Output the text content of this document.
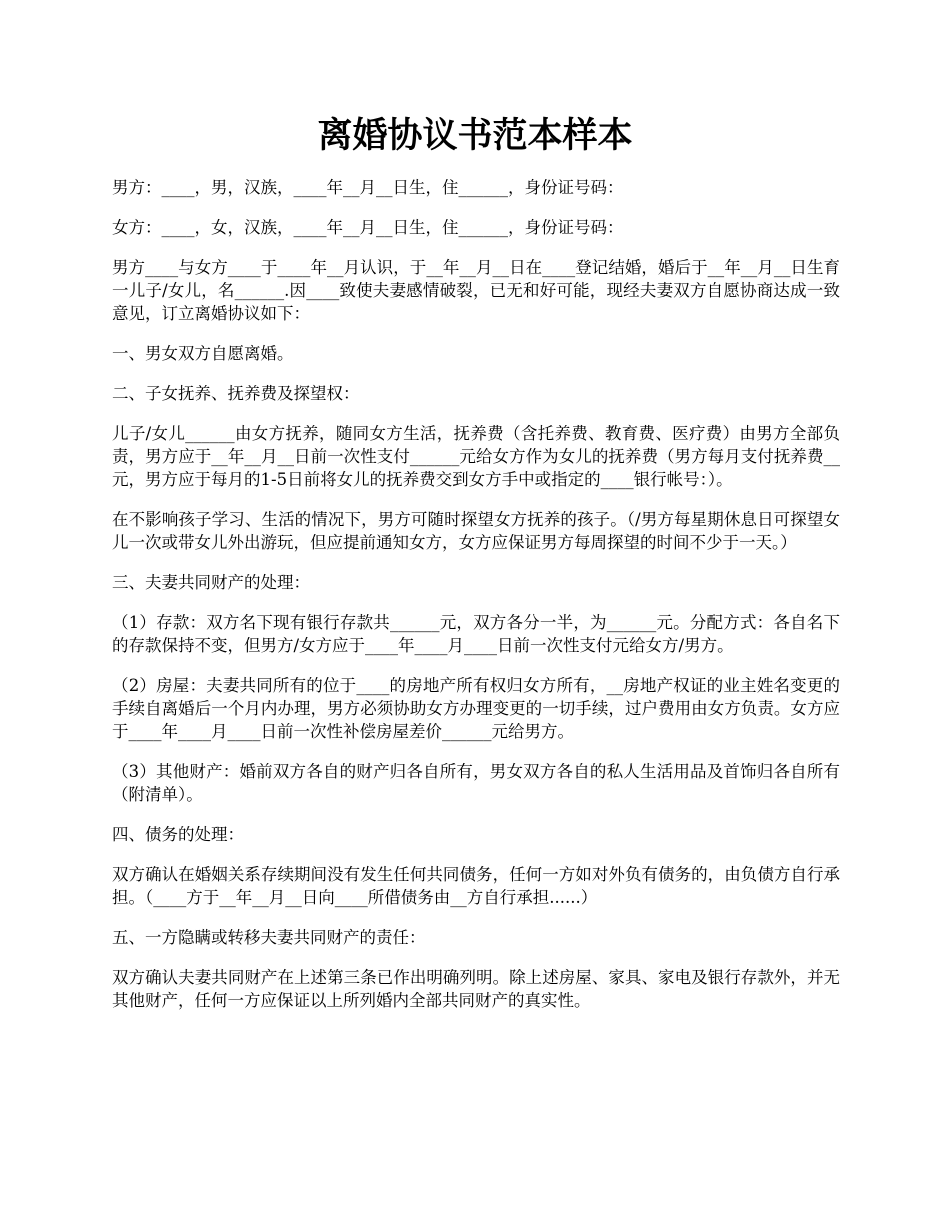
离婚协议书范本样本

男方：____，男，汉族，____年__月__日生，住______，身份证号码：

女方：____，女，汉族，____年__月__日生，住______，身份证号码：

男方____与女方____于____年__月认识，于__年__月__日在____登记结婚，婚后于__年__月__日生育一儿子/女儿，名______.因____致使夫妻感情破裂，已无和好可能，现经夫妻双方自愿协商达成一致意见，订立离婚协议如下：

一、男女双方自愿离婚。

二、子女抚养、抚养费及探望权：

儿子/女儿______由女方抚养，随同女方生活，抚养费（含托养费、教育费、医疗费）由男方全部负责，男方应于__年__月__日前一次性支付______元给女方作为女儿的抚养费（男方每月支付抚养费__元，男方应于每月的1-5日前将女儿的抚养费交到女方手中或指定的____银行帐号：）。

在不影响孩子学习、生活的情况下，男方可随时探望女方抚养的孩子。（/男方每星期休息日可探望女儿一次或带女儿外出游玩，但应提前通知女方，女方应保证男方每周探望的时间不少于一天。）

三、夫妻共同财产的处理：

（1）存款：双方名下现有银行存款共______元，双方各分一半，为______元。分配方式：各自名下的存款保持不变，但男方/女方应于____年____月____日前一次性支付元给女方/男方。

（2）房屋：夫妻共同所有的位于____的房地产所有权归女方所有，__房地产权证的业主姓名变更的手续自离婚后一个月内办理，男方必须协助女方办理变更的一切手续，过户费用由女方负责。女方应于____年____月____日前一次性补偿房屋差价______元给男方。

（3）其他财产：婚前双方各自的财产归各自所有，男女双方各自的私人生活用品及首饰归各自所有（附清单）。

四、债务的处理：

双方确认在婚姻关系存续期间没有发生任何共同债务，任何一方如对外负有债务的，由负债方自行承担。（____方于__年__月__日向____所借债务由__方自行承担......）

五、一方隐瞒或转移夫妻共同财产的责任：

双方确认夫妻共同财产在上述第三条已作出明确列明。除上述房屋、家具、家电及银行存款外，并无其他财产，任何一方应保证以上所列婚内全部共同财产的真实性。
